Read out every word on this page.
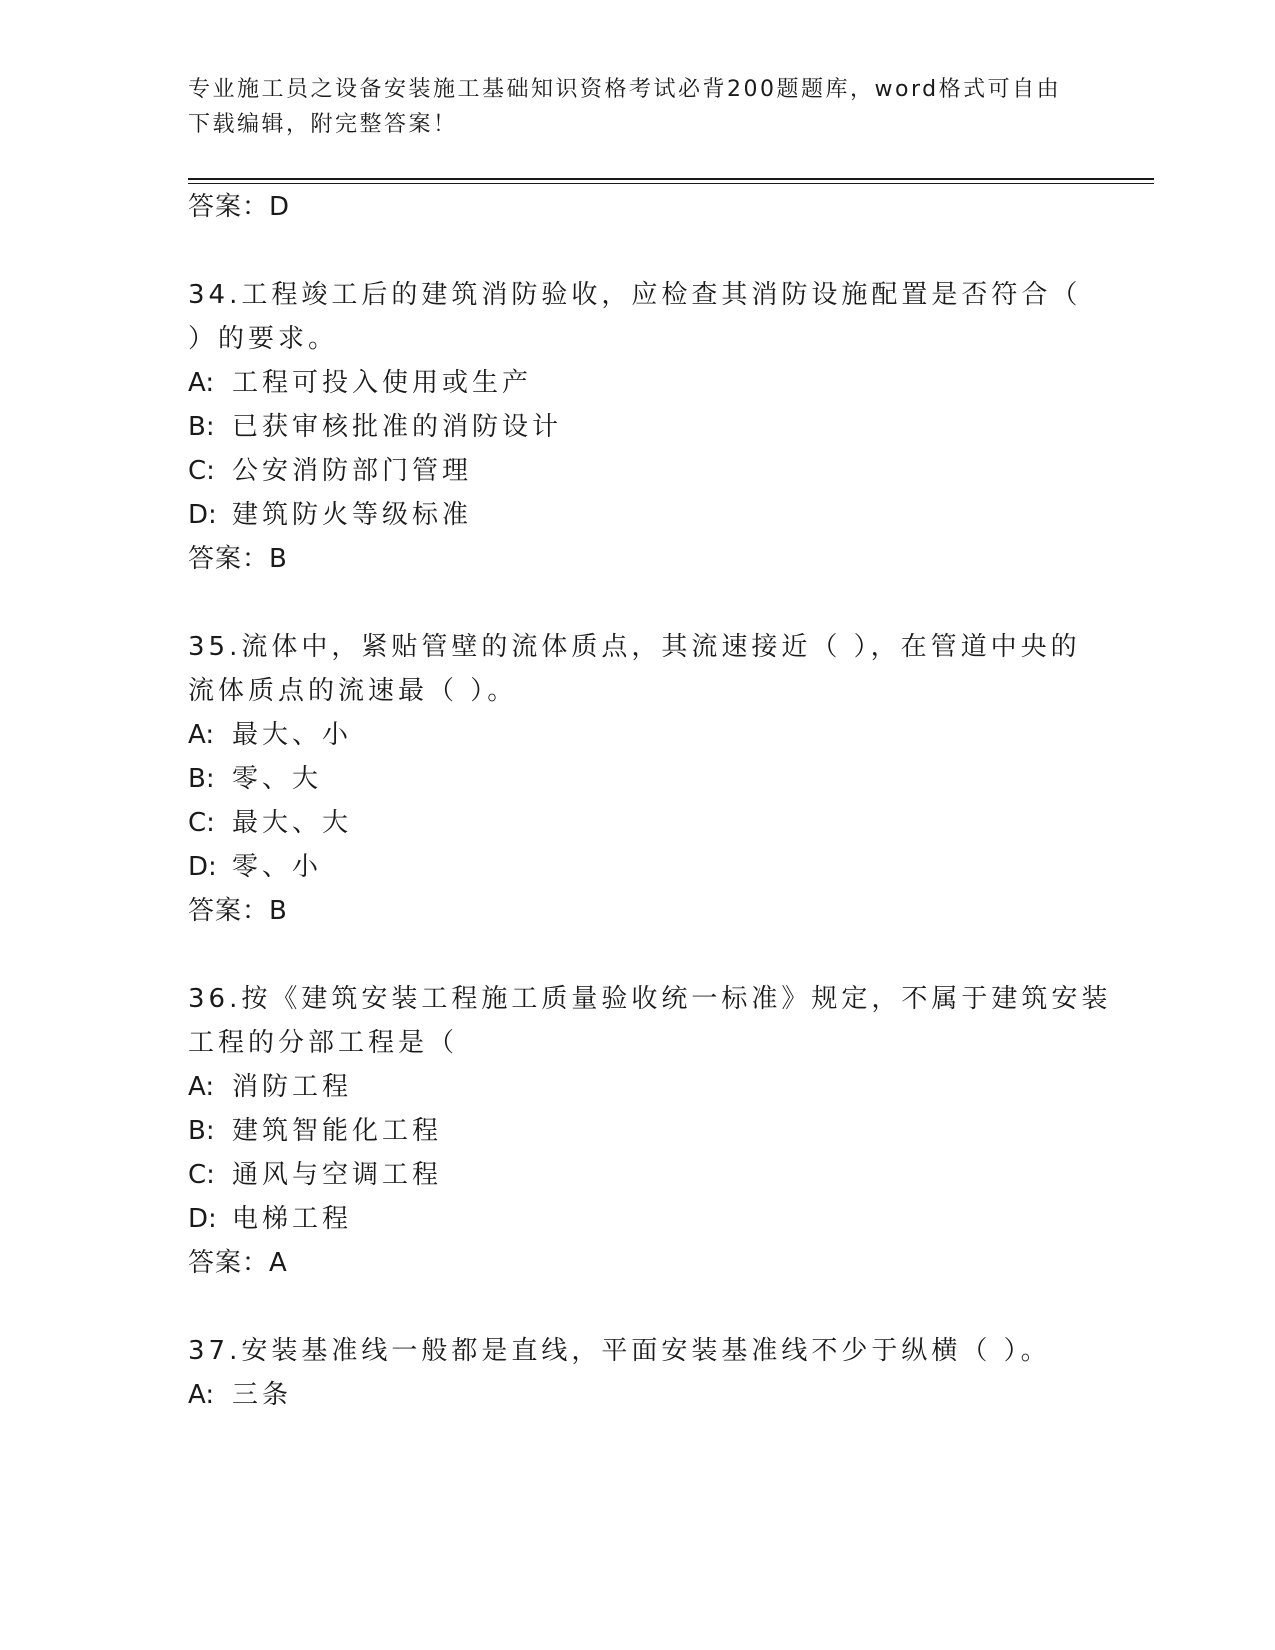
专业施工员之设备安装施工基础知识资格考试必背200题题库，word格式可自由
下载编辑，附完整答案！
答案：D
34.工程竣工后的建筑消防验收，应检查其消防设施配置是否符合（
）的要求。
A: 工程可投入使用或生产
B: 已获审核批准的消防设计
C: 公安消防部门管理
D: 建筑防火等级标准
答案：B
35.流体中，紧贴管壁的流体质点，其流速接近（ ），在管道中央的
流体质点的流速最（ ）。
A: 最大、小
B: 零、大
C: 最大、大
D: 零、小
答案：B
36.按《建筑安装工程施工质量验收统一标准》规定，不属于建筑安装
工程的分部工程是（
A: 消防工程
B: 建筑智能化工程
C: 通风与空调工程
D: 电梯工程
答案：A
37.安装基准线一般都是直线，平面安装基准线不少于纵横（ ）。
A: 三条
